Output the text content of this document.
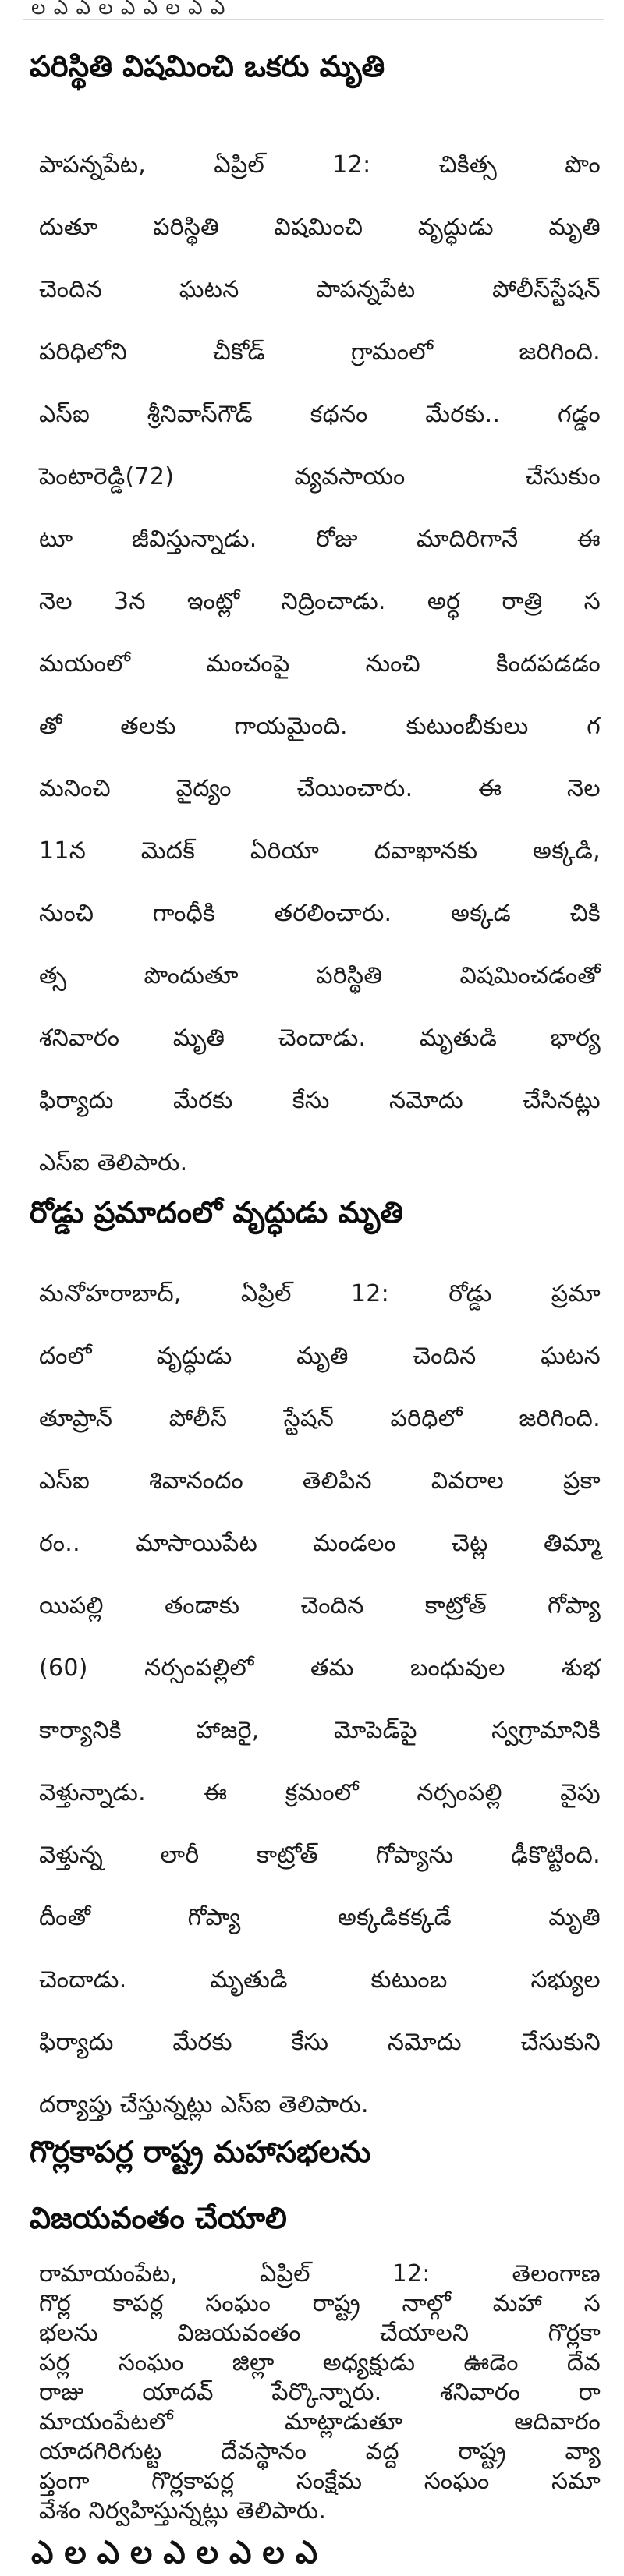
ల ఎ ఎ ల ఎ ఎ ల ఎ ఎ
పరిస్థితి విషమించి ఒకరు మృతి
పాపన్నపేట, ఏప్రిల్ 12: చికిత్స పొం
దుతూ పరిస్థితి విషమించి వృద్ధుడు మృతి
చెందిన ఘటన పాపన్నపేట పోలీస్‌స్టేషన్
పరిధిలోని చీకోడ్ గ్రామంలో జరిగింది.
ఎస్ఐ శ్రీనివాస్‌గౌడ్ కథనం మేరకు.. గడ్డం
పెంటారెడ్డి(72) వ్యవసాయం చేసుకుం
టూ జీవిస్తున్నాడు. రోజు మాదిరిగానే ఈ
నెల 3న ఇంట్లో నిద్రించాడు. అర్ధ రాత్రి స
మయంలో మంచంపై నుంచి కిందపడడం
తో తలకు గాయమైంది. కుటుంబీకులు గ
మనించి వైద్యం చేయించారు. ఈ నెల
11న మెదక్ ఏరియా దవాఖానకు అక్కడి,
నుంచి గాంధీకి తరలించారు. అక్కడ చికి
త్స పొందుతూ పరిస్థితి విషమించడంతో
శనివారం మృతి చెందాడు. మృతుడి భార్య
ఫిర్యాదు మేరకు కేసు నమోదు చేసినట్లు
ఎస్ఐ తెలిపారు.
రోడ్డు ప్రమాదంలో వృద్ధుడు మృతి
మనోహరాబాద్, ఏప్రిల్ 12: రోడ్డు ప్రమా
దంలో వృద్ధుడు మృతి చెందిన ఘటన
తూప్రాన్ పోలీస్ స్టేషన్ పరిధిలో జరిగింది.
ఎస్ఐ శివానందం తెలిపిన వివరాల ప్రకా
రం.. మాసాయిపేట మండలం చెట్ల తిమ్మా
యిపల్లి తండాకు చెందిన కాట్రోత్ గోప్యా
(60) నర్సంపల్లిలో తమ బంధువుల శుభ
కార్యానికి హాజరై, మోపెడ్‌పై స్వగ్రామానికి
వెళ్తున్నాడు. ఈ క్రమంలో నర్సంపల్లి వైపు
వెళ్తున్న లారీ కాట్రోత్ గోప్యాను ఢీకొట్టింది.
దీంతో గోప్యా అక్కడికక్కడే మృతి
చెందాడు. మృతుడి కుటుంబ సభ్యుల
ఫిర్యాదు మేరకు కేసు నమోదు చేసుకుని
దర్యాప్తు చేస్తున్నట్లు ఎస్ఐ తెలిపారు.
గొర్లకాపర్ల రాష్ట్ర మహాసభలను
విజయవంతం చేయాలి
రామాయంపేట, ఏప్రిల్ 12: తెలంగాణ
గొర్ల కాపర్ల సంఘం రాష్ట్ర నాల్గో మహా స
భలను విజయవంతం చేయాలని గొర్లకా
పర్ల సంఘం జిల్లా అధ్యక్షుడు ఊడెం దేవ
రాజు యాదవ్ పేర్కొన్నారు. శనివారం రా
మాయంపేటలో మాట్లాడుతూ ఆదివారం
యాదగిరిగుట్ట దేవస్థానం వద్ద రాష్ట్ర వ్యా
ప్తంగా గొర్లకాపర్ల సంక్షేమ సంఘం సమా
వేశం నిర్వహిస్తున్నట్లు తెలిపారు.
ఎ ల ఎ ల ఎ ల ఎ ల ఎ
